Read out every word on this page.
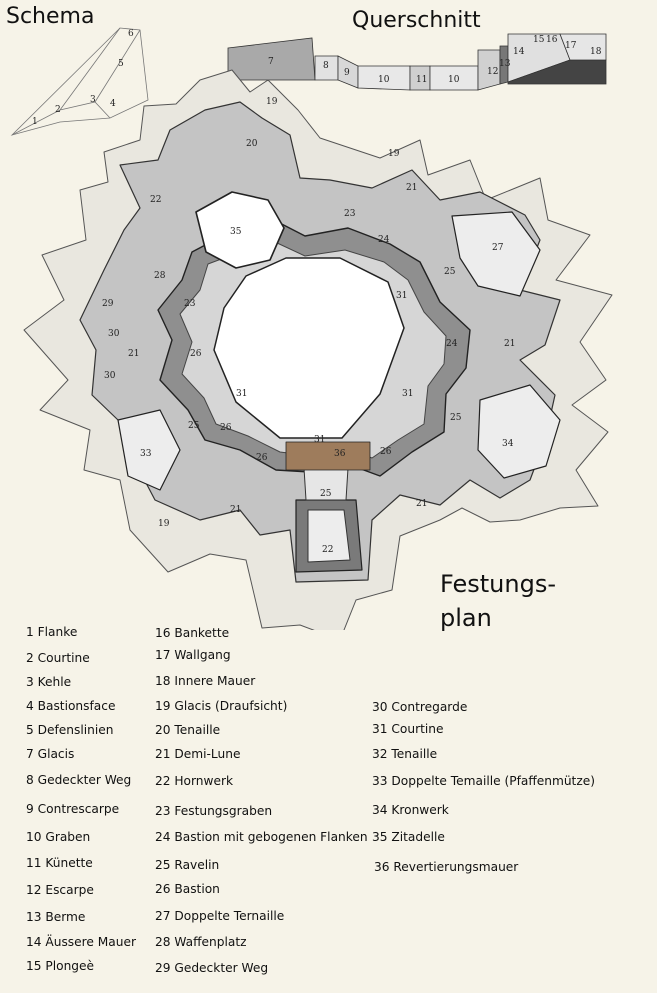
Schema	Querschnitt
Festungs-
plan
1
2
3 4
5
6
7	8
9
10	11 10
12
13
14
15 16
17
18
19
19
19
20
21
21
21
21
21
22
22
23
23
24
24
25
25
25
25
26
26
26
26
27
28
29
30
30
31
31
31
31
33
34
35
36
1 Flanke
2 Courtine
3 Kehle
4 Bastionsface
5 Defenslinien
7 Glacis
8 Gedeckter Weg
9 Contrescarpe
10 Graben
11 Künette
12 Escarpe
13 Berme
14 Äussere Mauer
15 Plongeè
16 Bankette
17 Wallgang
18 Innere Mauer
19 Glacis (Draufsicht)
20 Tenaille
21 Demi-Lune
22 Hornwerk
23 Festungsgraben
24 Bastion mit gebogenen Flanken
25 Ravelin
26 Bastion
27 Doppelte Ternaille
28 Waffenplatz
29 Gedeckter Weg
30 Contregarde
31 Courtine
32 Tenaille
33 Doppelte Temaille (Pfaffenmütze)
34 Kronwerk
35 Zitadelle
36 Revertierungsmauer
